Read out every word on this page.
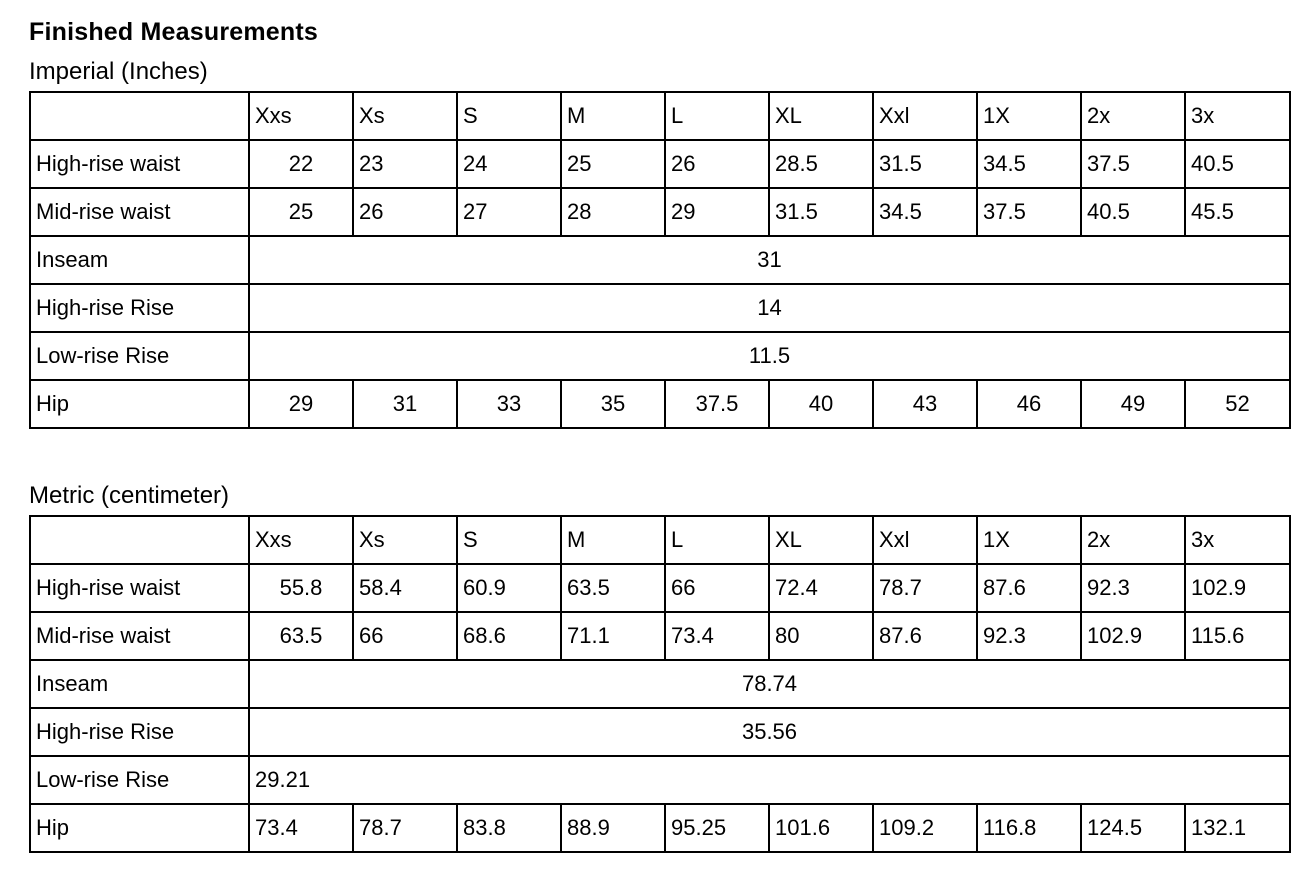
Finished Measurements
Imperial (Inches)
	Xxs	Xs	S	M	L	XL	Xxl	1X	2x	3x
High-rise waist	22	23	24	25	26	28.5	31.5	34.5	37.5	40.5
Mid-rise waist	25	26	27	28	29	31.5	34.5	37.5	40.5	45.5
Inseam	31									
High-rise Rise	14									
Low-rise Rise	11.5									
Hip	29	31	33	35	37.5	40	43	46	49	52
Metric (centimeter)
	Xxs	Xs	S	M	L	XL	Xxl	1X	2x	3x
High-rise waist	55.8	58.4	60.9	63.5	66	72.4	78.7	87.6	92.3	102.9
Mid-rise waist	63.5	66	68.6	71.1	73.4	80	87.6	92.3	102.9	115.6
Inseam	78.74									
High-rise Rise	35.56									
Low-rise Rise	29.21									
Hip	73.4	78.7	83.8	88.9	95.25	101.6	109.2	116.8	124.5	132.1
